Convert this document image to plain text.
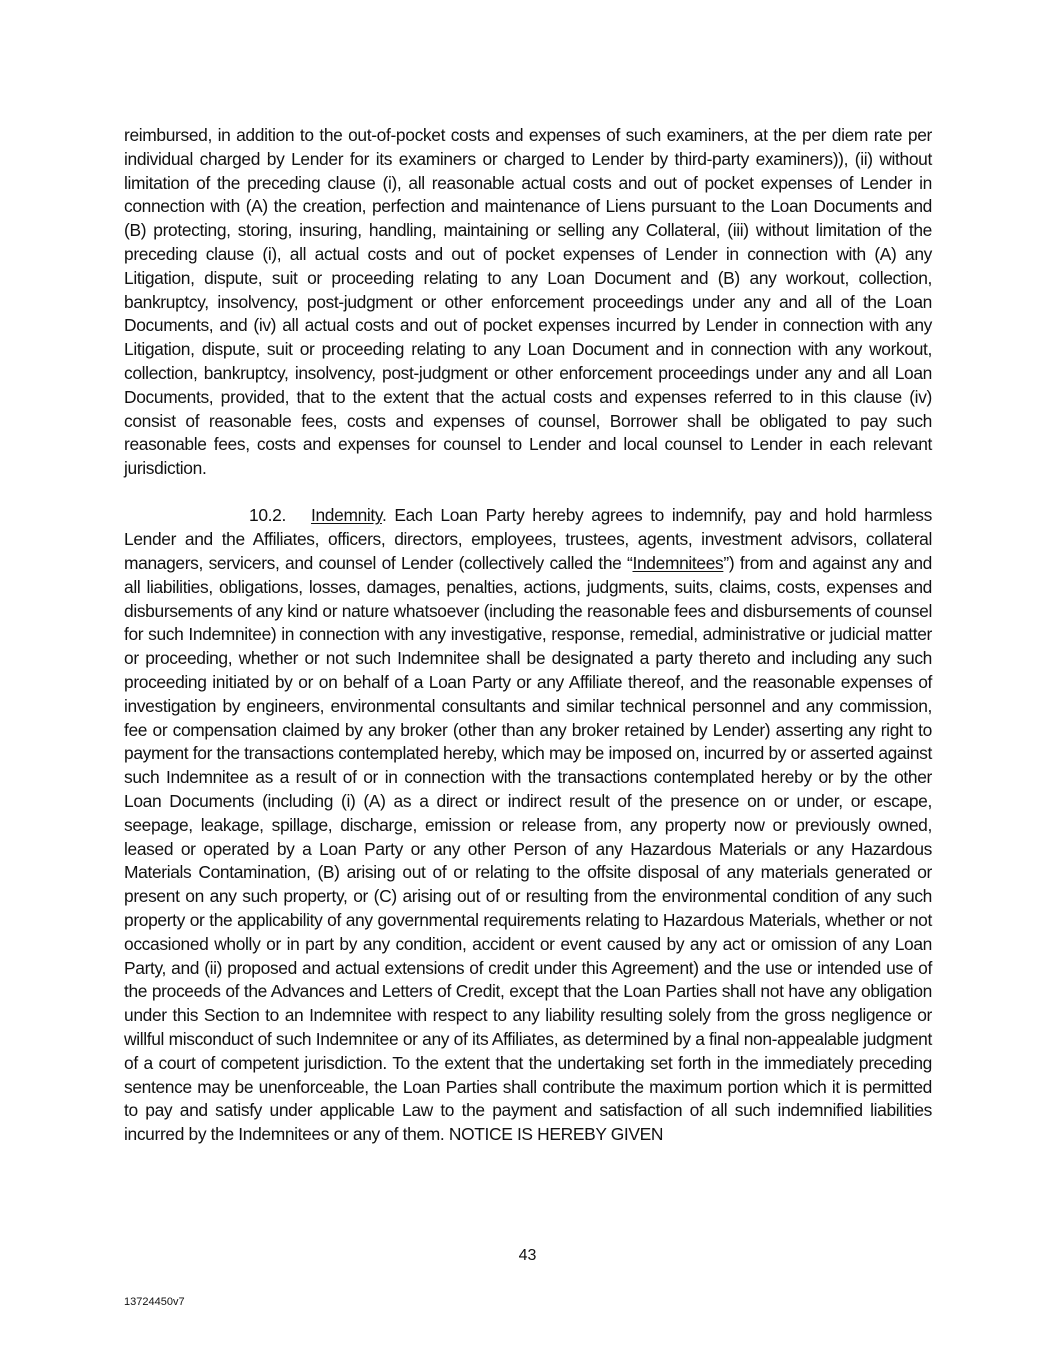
reimbursed, in addition to the out-of-pocket costs and expenses of such examiners, at the per diem rate per individual charged by Lender for its examiners or charged to Lender by third-party examiners)), (ii) without limitation of the preceding clause (i), all reasonable actual costs and out of pocket expenses of Lender in connection with (A) the creation, perfection and maintenance of Liens pursuant to the Loan Documents and (B) protecting, storing, insuring, handling, maintaining or selling any Collateral, (iii) without limitation of the preceding clause (i), all actual costs and out of pocket expenses of Lender in connection with (A) any Litigation, dispute, suit or proceeding relating to any Loan Document and (B) any workout, collection, bankruptcy, insolvency, post-judgment or other enforcement proceedings under any and all of the Loan Documents, and (iv) all actual costs and out of pocket expenses incurred by Lender in connection with any Litigation, dispute, suit or proceeding relating to any Loan Document and in connection with any workout, collection, bankruptcy, insolvency, post-judgment or other enforcement proceedings under any and all Loan Documents, provided, that to the extent that the actual costs and expenses referred to in this clause (iv) consist of reasonable fees, costs and expenses of counsel, Borrower shall be obligated to pay such reasonable fees, costs and expenses for counsel to Lender and local counsel to Lender in each relevant jurisdiction.

10.2. Indemnity. Each Loan Party hereby agrees to indemnify, pay and hold harmless Lender and the Affiliates, officers, directors, employees, trustees, agents, investment advisors, collateral managers, servicers, and counsel of Lender (collectively called the “Indemnitees”) from and against any and all liabilities, obligations, losses, damages, penalties, actions, judgments, suits, claims, costs, expenses and disbursements of any kind or nature whatsoever (including the reasonable fees and disbursements of counsel for such Indemnitee) in connection with any investigative, response, remedial, administrative or judicial matter or proceeding, whether or not such Indemnitee shall be designated a party thereto and including any such proceeding initiated by or on behalf of a Loan Party or any Affiliate thereof, and the reasonable expenses of investigation by engineers, environmental consultants and similar technical personnel and any commission, fee or compensation claimed by any broker (other than any broker retained by Lender) asserting any right to payment for the transactions contemplated hereby, which may be imposed on, incurred by or asserted against such Indemnitee as a result of or in connection with the transactions contemplated hereby or by the other Loan Documents (including (i) (A) as a direct or indirect result of the presence on or under, or escape, seepage, leakage, spillage, discharge, emission or release from, any property now or previously owned, leased or operated by a Loan Party or any other Person of any Hazardous Materials or any Hazardous Materials Contamination, (B) arising out of or relating to the offsite disposal of any materials generated or present on any such property, or (C) arising out of or resulting from the environmental condition of any such property or the applicability of any governmental requirements relating to Hazardous Materials, whether or not occasioned wholly or in part by any condition, accident or event caused by any act or omission of any Loan Party, and (ii) proposed and actual extensions of credit under this Agreement) and the use or intended use of the proceeds of the Advances and Letters of Credit, except that the Loan Parties shall not have any obligation under this Section to an Indemnitee with respect to any liability resulting solely from the gross negligence or willful misconduct of such Indemnitee or any of its Affiliates, as determined by a final non-appealable judgment of a court of competent jurisdiction. To the extent that the undertaking set forth in the immediately preceding sentence may be unenforceable, the Loan Parties shall contribute the maximum portion which it is permitted to pay and satisfy under applicable Law to the payment and satisfaction of all such indemnified liabilities incurred by the Indemnitees or any of them. NOTICE IS HEREBY GIVEN

43
13724450v7
